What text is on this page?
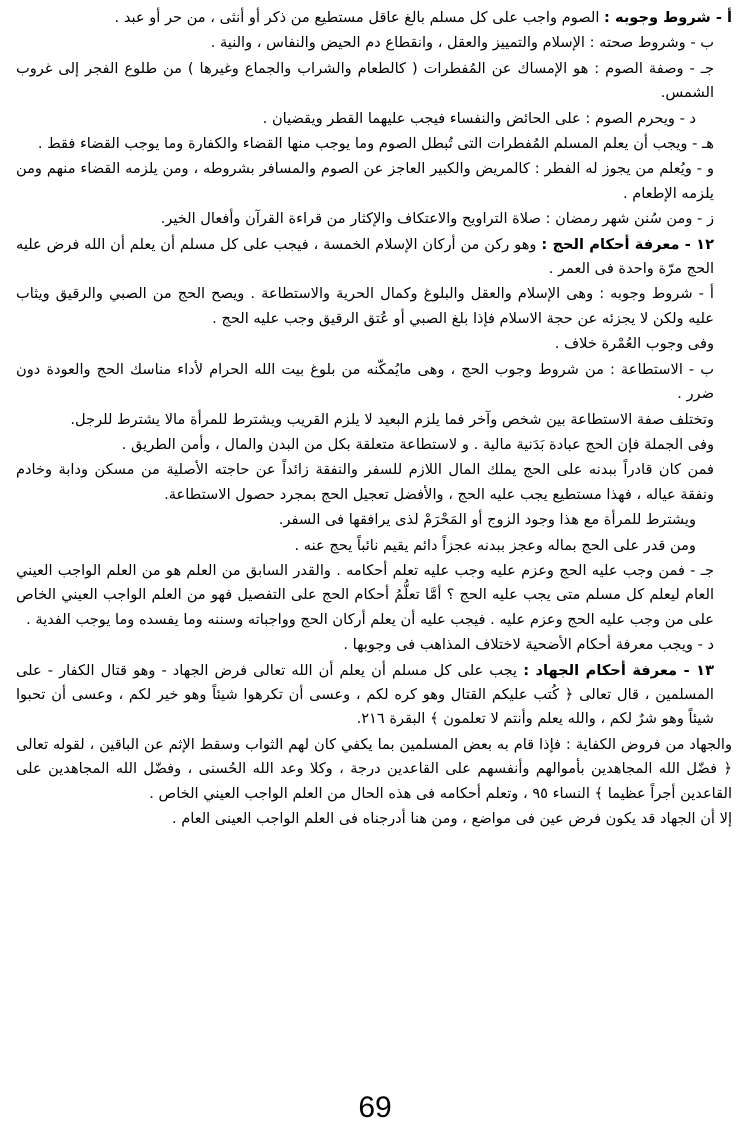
أ - شروط وجوبه : الصوم واجب على كل مسلم بالغ عاقل مستطيع من ذكر أو أنثى ، من حر أو عبد .

ب - وشروط صحته : الإسلام والتمييز والعقل ، وانقطاع دم الحيض والنفاس ، والنية .

جـ - وصفة الصوم : هو الإمساك عن المُفطرات ( كالطعام والشراب والجماع وغيرها ) من طلوع الفجر إلى غروب الشمس.

د - ويحرم الصوم : على الحائض والنفساء فيجب عليهما القطر ويقضيان .

هـ - ويجب أن يعلم المسلم المُفطرات التى تُبطل الصوم وما يوجب منها القضاء والكفارة وما يوجب القضاء فقط .

و - ويُعلم من يجوز له الفطر : كالمريض والكبير العاجز عن الصوم والمسافر بشروطه ، ومن يلزمه القضاء منهم ومن يلزمه الإطعام .

ز - ومن سُنن شهر رمضان : صلاة التراويح والاعتكاف والإكثار من قراءة القرآن وأفعال الخير.

١٢ - معرفة أحكام الحج : وهو ركن من أركان الإسلام الخمسة ، فيجب على كل مسلم أن يعلم أن الله فرض عليه الحج مرّة واحدة فى العمر .

أ - شروط وجوبه : وهى الإسلام والعقل والبلوغ وكمال الحرية والاستطاعة . ويصح الحج من الصبي والرقيق ويثاب عليه ولكن لا يجزئه عن حجة الاسلام فإذا بلغ الصبي أو عُتق الرقيق وجب عليه الحج .

وفى وجوب العُمْرة خلاف .

ب - الاستطاعة : من شروط وجوب الحج ، وهى مايُمكّنه من بلوغ بيت الله الحرام لأداء مناسك الحج والعودة دون ضرر .

وتختلف صفة الاستطاعة بين شخص وآخر فما يلزم البعيد لا يلزم القريب ويشترط للمرأة مالا يشترط للرجل.

وفى الجملة فإن الحج عبادة بَدَنية مالية . و لاستطاعة متعلقة بكل من البدن والمال ، وأمن الطريق .

فمن كان قادراً ببدنه على الحج يملك المال اللازم للسفر والنفقة زائداً عن حاجته الأصلية من مسكن ودابة وخادم ونفقة عياله ، فهذا مستطيع يجب عليه الحج ، والأفضل تعجيل الحج بمجرد حصول الاستطاعة.

ويشترط للمرأة مع هذا وجود الزوج أو المَحْرَمْ لذى يرافقها فى السفر.

ومن قدر على الحج بماله وعجز ببدنه عجزاً دائم يقيم نائباً يحج عنه .

جـ - فمن وجب عليه الحج وعزم عليه وجب عليه تعلم أحكامه . والقدر السابق من العلم هو من العلم الواجب العيني العام ليعلم كل مسلم متى يجب عليه الحج ؟ أمَّا تعلُّمُ أحكام الحج على التفصيل فهو من العلم الواجب العيني الخاص على من وجب عليه الحج وعزم عليه . فيجب عليه أن يعلم أركان الحج وواجباته وسننه وما يفسده وما يوجب الفدية .

د - ويجب معرفة أحكام الأضحية لاختلاف المذاهب فى وجوبها .

١٣ - معرفة أحكام الجهاد : يجب على كل مسلم أن يعلم أن الله تعالى فرض الجهاد - وهو قتال الكفار - على المسلمين ، قال تعالى ﴿ كُتب عليكم القتال وهو كره لكم ، وعسى أن تكرهوا شيئاً وهو خير لكم ، وعسى أن تحبوا شيئاً وهو شرٌ لكم ، والله يعلم وأنتم لا تعلمون ﴾ البقرة ٢١٦.

والجهاد من فروض الكفاية : فإذا قام به بعض المسلمين بما يكفي كان لهم الثواب وسقط الإثم عن الباقين ، لقوله تعالى ﴿ فضّل الله المجاهدين بأموالهم وأنفسهم على القاعدين درجة ، وكلا وعد الله الحُسنى ، وفضّل الله المجاهدين على القاعدين أجراً عظيما ﴾ النساء ٩٥ ، وتعلم أحكامه فى هذه الحال من العلم الواجب العيني الخاص .

إلا أن الجهاد قد يكون فرض عين فى مواضع ، ومن هنا أدرجناه فى العلم الواجب العينى العام .

69
